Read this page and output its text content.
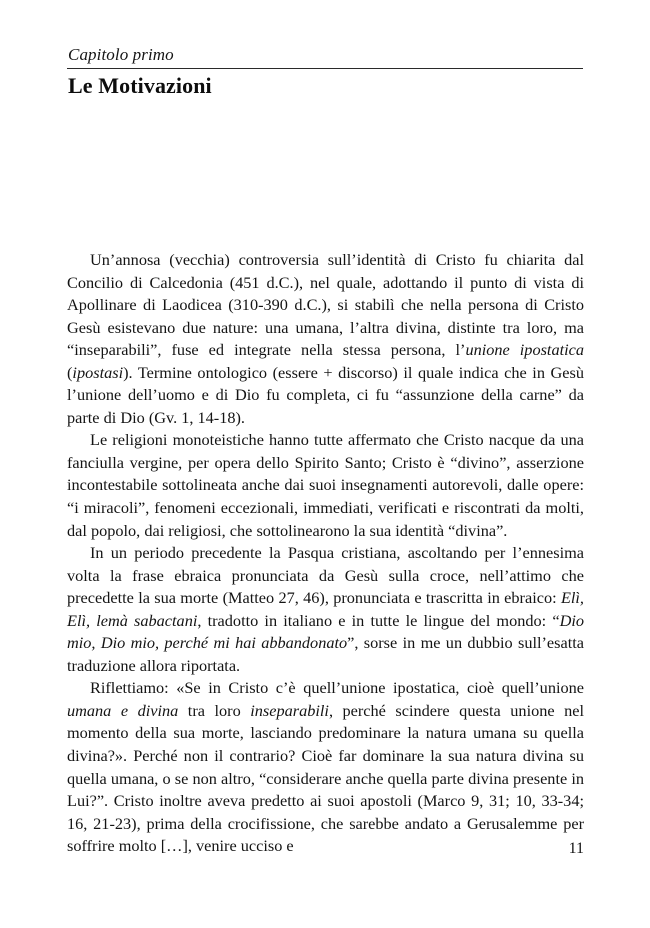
Capitolo primo
Le Motivazioni

Un’annosa (vecchia) controversia sull’identità di Cristo fu chiarita dal Concilio di Calcedonia (451 d.C.), nel quale, adottando il punto di vista di Apollinare di Laodicea (310-390 d.C.), si stabilì che nella persona di Cristo Gesù esistevano due nature: una umana, l’altra divina, distinte tra loro, ma “inseparabili”, fuse ed integrate nella stessa persona, l’unione ipostatica (ipostasi). Termine ontologico (essere + discorso) il quale indica che in Gesù l’unione dell’uomo e di Dio fu completa, ci fu “assunzione della carne” da parte di Dio (Gv. 1, 14-18).

Le religioni monoteistiche hanno tutte affermato che Cristo nacque da una fanciulla vergine, per opera dello Spirito Santo; Cristo è “divino”, asserzione incontestabile sottolineata anche dai suoi insegnamenti autorevoli, dalle opere: “i miracoli”, fenomeni eccezionali, immediati, verificati e riscontrati da molti, dal popolo, dai religiosi, che sottolinearono la sua identità “divina”.

In un periodo precedente la Pasqua cristiana, ascoltando per l’ennesima volta la frase ebraica pronunciata da Gesù sulla croce, nell’attimo che precedette la sua morte (Matteo 27, 46), pronunciata e trascritta in ebraico: Elì, Elì, lemà sabactani, tradotto in italiano e in tutte le lingue del mondo: “Dio mio, Dio mio, perché mi hai abbandonato”, sorse in me un dubbio sull’esatta traduzione allora riportata.

Riflettiamo: «Se in Cristo c’è quell’unione ipostatica, cioè quell’unione umana e divina tra loro inseparabili, perché scindere questa unione nel momento della sua morte, lasciando predominare la natura umana su quella divina?». Perché non il contrario? Cioè far dominare la sua natura divina su quella umana, o se non altro, “considerare anche quella parte divina presente in Lui?”. Cristo inoltre aveva predetto ai suoi apostoli (Marco 9, 31; 10, 33-34; 16, 21-23), prima della crocifissione, che sarebbe andato a Gerusalemme per soffrire molto […], venire ucciso e	11
